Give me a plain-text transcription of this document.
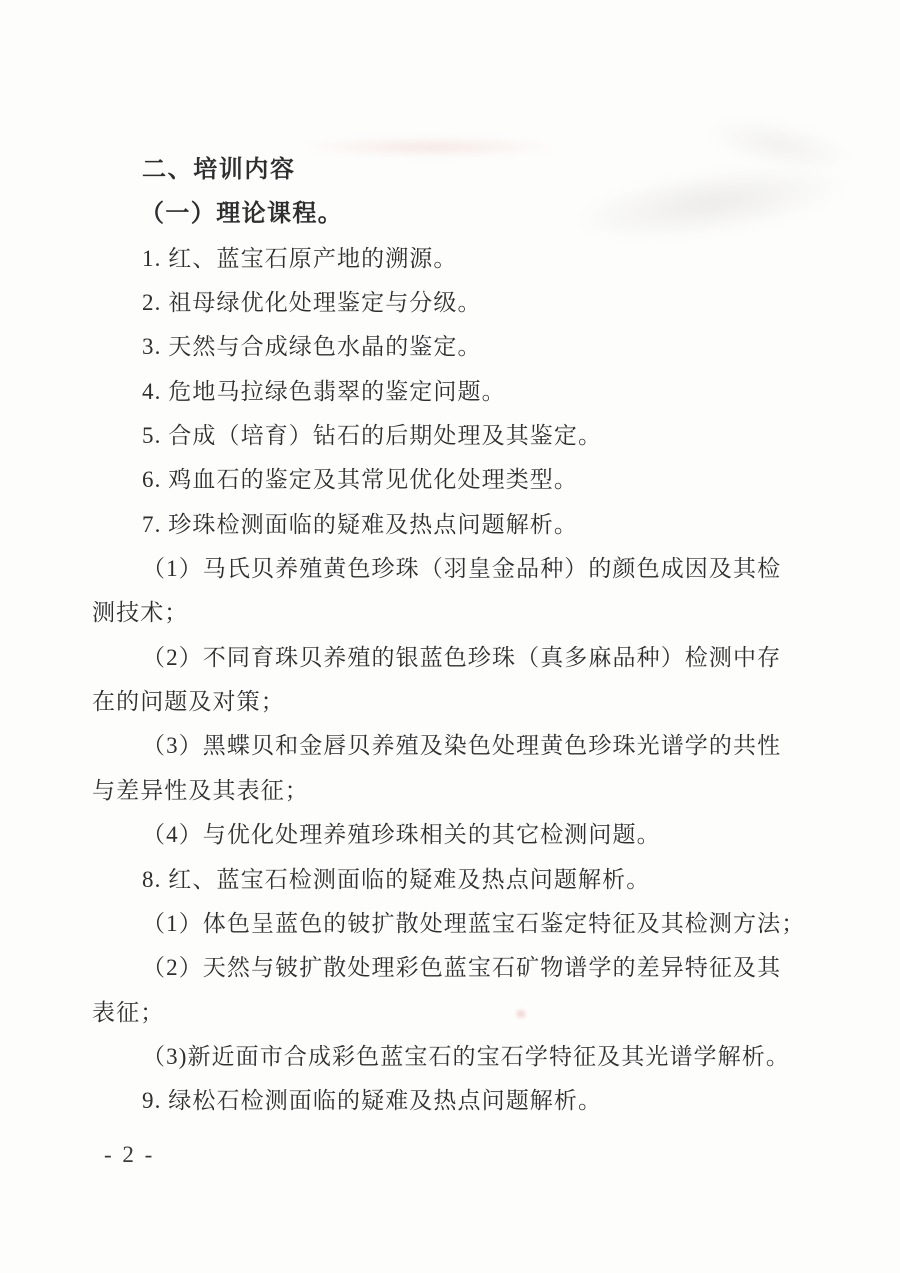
二、培训内容
（一）理论课程。
1. 红、蓝宝石原产地的溯源。
2. 祖母绿优化处理鉴定与分级。
3. 天然与合成绿色水晶的鉴定。
4. 危地马拉绿色翡翠的鉴定问题。
5. 合成（培育）钻石的后期处理及其鉴定。
6. 鸡血石的鉴定及其常见优化处理类型。
7. 珍珠检测面临的疑难及热点问题解析。
（1）马氏贝养殖黄色珍珠（羽皇金品种）的颜色成因及其检
测技术；
（2）不同育珠贝养殖的银蓝色珍珠（真多麻品种）检测中存
在的问题及对策；
（3）黑蝶贝和金唇贝养殖及染色处理黄色珍珠光谱学的共性
与差异性及其表征；
（4）与优化处理养殖珍珠相关的其它检测问题。
8. 红、蓝宝石检测面临的疑难及热点问题解析。
（1）体色呈蓝色的铍扩散处理蓝宝石鉴定特征及其检测方法；
（2）天然与铍扩散处理彩色蓝宝石矿物谱学的差异特征及其
表征；
（3)新近面市合成彩色蓝宝石的宝石学特征及其光谱学解析。
9. 绿松石检测面临的疑难及热点问题解析。
- 2 -
